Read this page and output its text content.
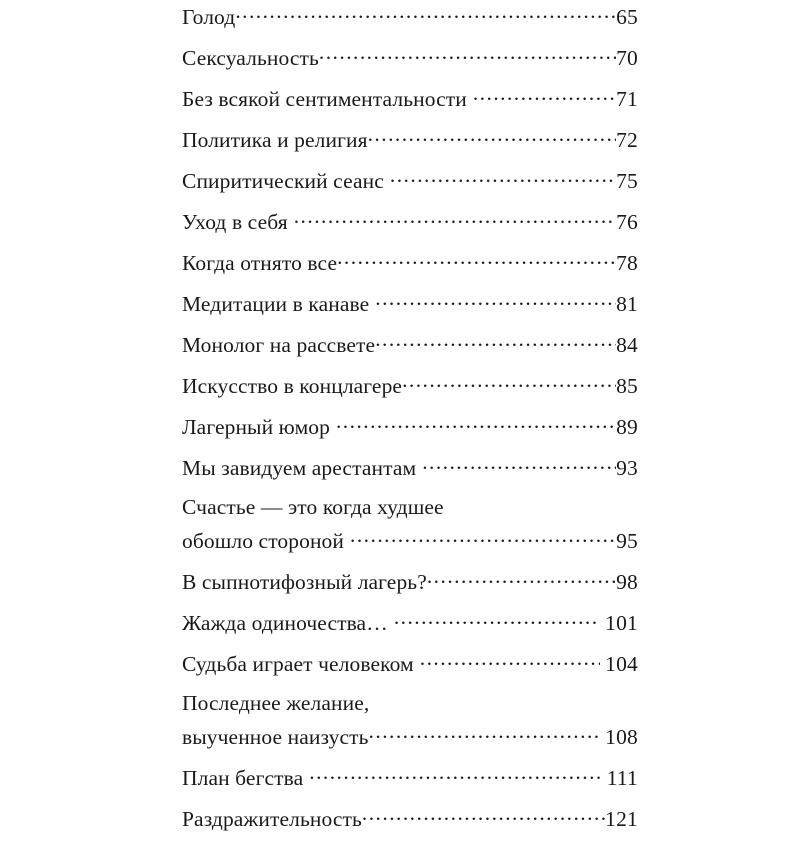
Голод .....	65
Сексуальность .....	70
Без всякой сентиментальности .....	71
Политика и религия .....	72
Спиритический сеанс .....	75
Уход в себя .....	76
Когда отнято все .....	78
Медитации в канаве .....	81
Монолог на рассвете .....	84
Искусство в концлагере .....	85
Лагерный юмор .....	89
Мы завидуем арестантам .....	93
Счастье — это когда худшее
обошло стороной .....	95
В сыпнотифозный лагерь? .....	98
Жажда одиночества… .....	101
Судьба играет человеком .....	104
Последнее желание,
выученное наизусть .....	108
План бегства .....	111
Раздражительность .....	121
